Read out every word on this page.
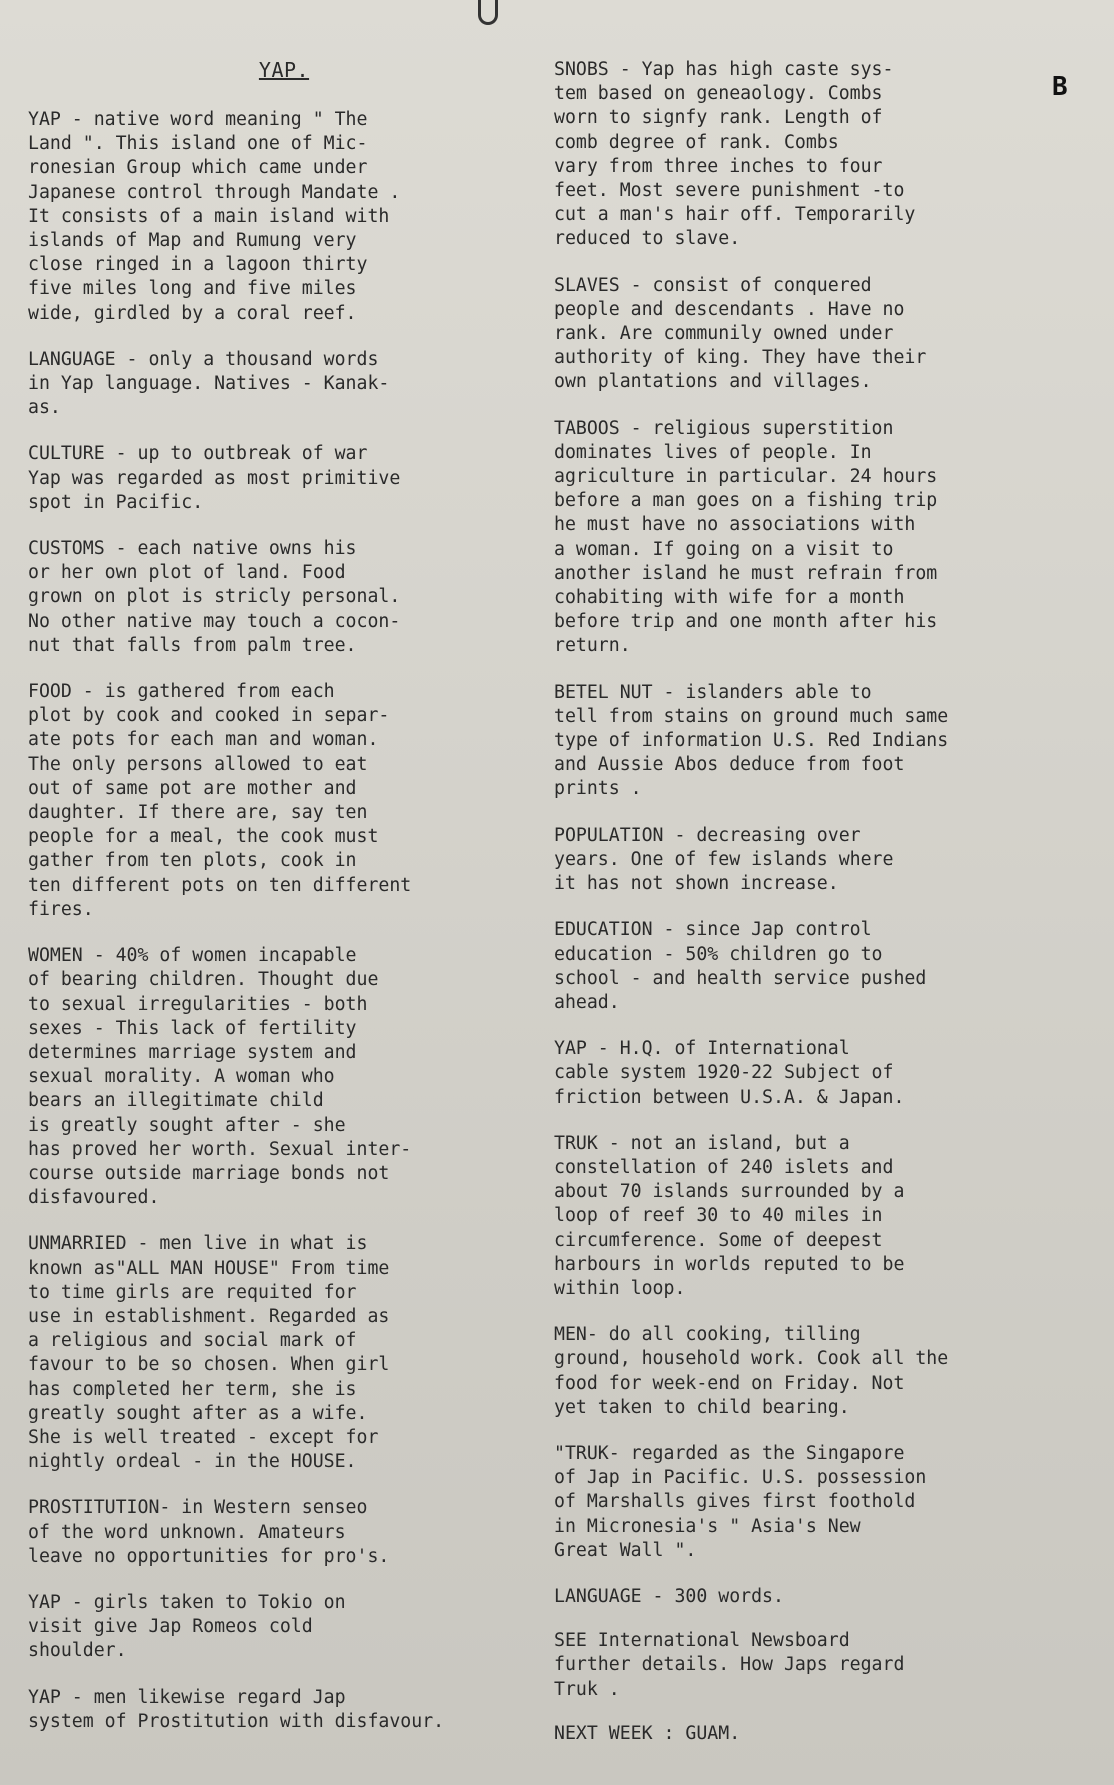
B
YAP.
YAP - native word meaning " The
Land ". This island one of Mic-
ronesian Group which came under
Japanese control through Mandate .
It consists of a main island with
islands of Map and Rumung very
close ringed in a lagoon thirty
five miles long and five miles
wide, girdled by a coral reef.
LANGUAGE - only a thousand words
in Yap language. Natives - Kanak-
as.
CULTURE - up to outbreak of war
Yap was regarded as most primitive
spot in Pacific.
CUSTOMS - each native owns his
or her own plot of land. Food
grown on plot is stricly personal.
No other native may touch a cocon-
nut that falls from palm tree.
FOOD - is gathered from each
plot by cook and cooked in separ-
ate pots for each man and woman.
The only persons allowed to eat
out of same pot are mother and
daughter. If there are, say ten
people for a meal, the cook must
gather from ten plots, cook in
ten different pots on ten different
fires.
WOMEN - 40% of women incapable
of bearing children. Thought due
to sexual irregularities - both
sexes - This lack of fertility
determines marriage system and
sexual morality. A woman who
bears an illegitimate child
is greatly sought after - she
has proved her worth. Sexual inter-
course outside marriage bonds not
disfavoured.
UNMARRIED - men live in what is
known as"ALL MAN HOUSE" From time
to time girls are requited for
use in establishment. Regarded as
a religious and social mark of
favour to be so chosen. When girl
has completed her term, she is
greatly sought after as a wife.
She is well treated - except for
nightly ordeal - in the HOUSE.
PROSTITUTION- in Western senseo
of the word unknown. Amateurs
leave no opportunities for pro's.
YAP - girls taken to Tokio on
visit give Jap Romeos cold
shoulder.
YAP - men likewise regard Jap
system of Prostitution with disfavour.
SNOBS - Yap has high caste sys-
tem based on geneaology. Combs
worn to signfy rank. Length of
comb degree of rank. Combs
vary from three inches to four
feet. Most severe punishment -to
cut a man's hair off. Temporarily
reduced to slave.
SLAVES - consist of conquered
people and descendants . Have no
rank. Are communily owned under
authority of king. They have their
own plantations and villages.
TABOOS - religious superstition
dominates lives of people. In
agriculture in particular. 24 hours
before a man goes on a fishing trip
he must have no associations with
a woman. If going on a visit to
another island he must refrain from
cohabiting with wife for a month
before trip and one month after his
return.
BETEL NUT - islanders able to
tell from stains on ground much same
type of information U.S. Red Indians
and Aussie Abos deduce from foot
prints .
POPULATION - decreasing over
years. One of few islands where
it has not shown increase.
EDUCATION - since Jap control
education - 50% children go to
school - and health service pushed
ahead.
YAP - H.Q. of International
cable system 1920-22 Subject of
friction between U.S.A. & Japan.
TRUK - not an island, but a
constellation of 240 islets and
about 70 islands surrounded by a
loop of reef 30 to 40 miles in
circumference. Some of deepest
harbours in worlds reputed to be
within loop.
MEN- do all cooking, tilling
ground, household work. Cook all the
food for week-end on Friday. Not
yet taken to child bearing.
"TRUK- regarded as the Singapore
of Jap in Pacific. U.S. possession
of Marshalls gives first foothold
in Micronesia's " Asia's New
Great Wall ".
LANGUAGE - 300 words.
SEE International Newsboard
further details. How Japs regard
Truk .
NEXT WEEK : GUAM.
